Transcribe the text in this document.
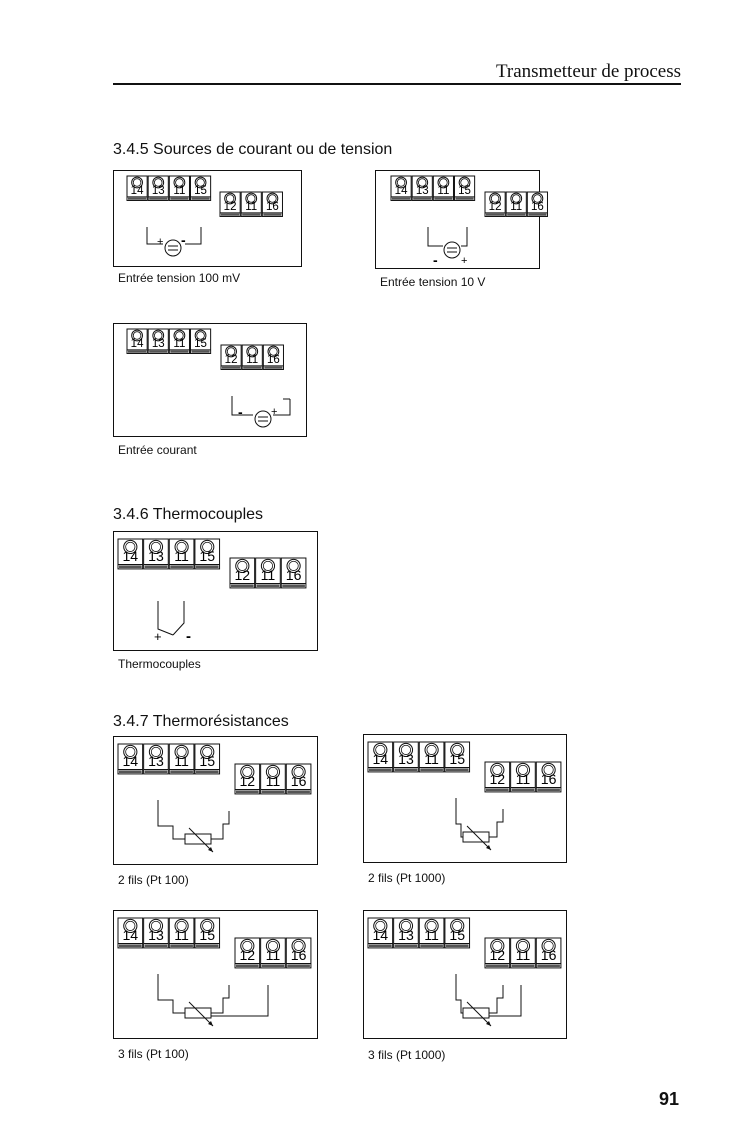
Transmetteur de process
3.4.5 Sources de courant ou de tension
3.4.6 Thermocouples
3.4.7 Thermorésistances
14 13 11 15
12 11 16
+ -
Entrée tension 100 mV
14 13 11 15
12 11 16
- +
Entrée tension 10 V
14 13 11 15
12 11 16
-	+
Entrée courant
14 13 11 15
12 11 16
+ -
Thermocouples
14 13 11 15
12 11 16
2 fils (Pt 100)
14 13 11 15
12 11 16
2 fils (Pt 1000)
14 13 11 15
12 11 16
3 fils (Pt 100)
14 13 11 15
12 11 16
3 fils (Pt 1000)
91
